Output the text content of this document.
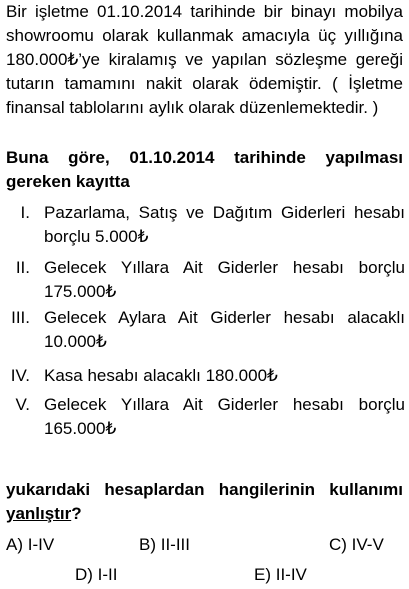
Bir işletme 01.10.2014 tarihinde bir binayı mobilya showroomu olarak kullanmak amacıyla üç yıllığına 180.000₺’ye kiralamış ve yapılan sözleşme gereği tutarın tamamını nakit olarak ödemiştir. ( İşletme finansal tablolarını aylık olarak düzenlemektedir. )

Buna göre, 01.10.2014 tarihinde yapılması gereken kayıtta

I. Pazarlama, Satış ve Dağıtım Giderleri hesabı borçlu 5.000₺
II. Gelecek Yıllara Ait Giderler hesabı borçlu 175.000₺
III. Gelecek Aylara Ait Giderler hesabı alacaklı 10.000₺
IV. Kasa hesabı alacaklı 180.000₺
V. Gelecek Yıllara Ait Giderler hesabı borçlu 165.000₺

yukarıdaki hesaplardan hangilerinin kullanımı yanlıştır?

A) I-IV	B) II-III	C) IV-V
D) I-II	E) II-IV
